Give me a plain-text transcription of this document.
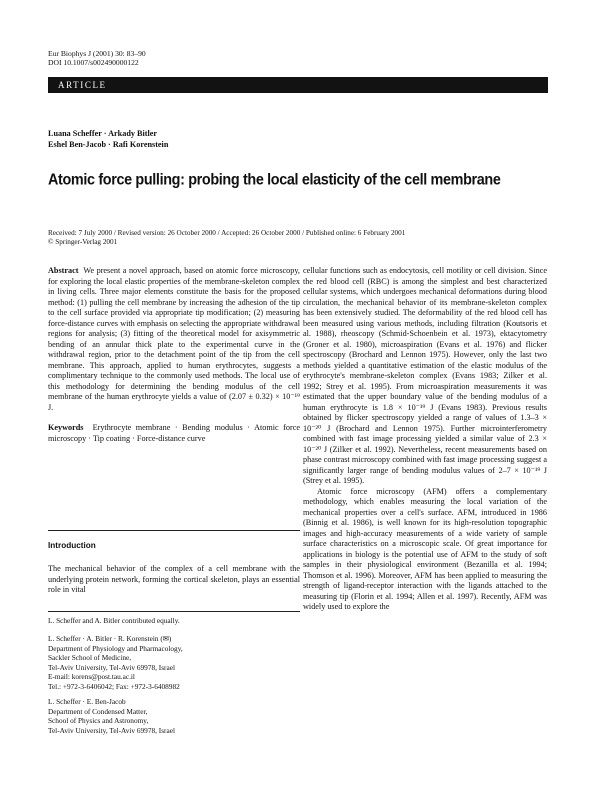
Eur Biophys J (2001) 30: 83–90
DOI 10.1007/s002490000122
ARTICLE
Luana Scheffer · Arkady Bitler
Eshel Ben-Jacob · Rafi Korenstein
Atomic force pulling: probing the local elasticity of the cell membrane
Received: 7 July 2000 / Revised version: 26 October 2000 / Accepted: 26 October 2000 / Published online: 6 February 2001
© Springer-Verlag 2001

Abstract We present a novel approach, based on atomic force microscopy, for exploring the local elastic properties of the membrane-skeleton complex in living cells. Three major elements constitute the basis for the proposed method: (1) pulling the cell membrane by increasing the adhesion of the tip to the cell surface provided via appropriate tip modification; (2) measuring force-distance curves with emphasis on selecting the appropriate withdrawal regions for analysis; (3) fitting of the theoretical model for axisymmetric bending of an annular thick plate to the experimental curve in the withdrawal region, prior to the detachment point of the tip from the cell membrane. This approach, applied to human erythrocytes, suggests a complimentary technique to the commonly used methods. The local use of this methodology for determining the bending modulus of the cell membrane of the human erythrocyte yields a value of (2.07 ± 0.32) × 10⁻¹⁹ J.

Keywords Erythrocyte membrane · Bending modulus · Atomic force microscopy · Tip coating · Force-distance curve

Introduction
The mechanical behavior of the complex of a cell membrane with the underlying protein network, forming the cortical skeleton, plays an essential role in vital
L. Scheffer and A. Bitler contributed equally.
L. Scheffer · A. Bitler · R. Korenstein (✉)
Department of Physiology and Pharmacology,
Sackler School of Medicine,
Tel-Aviv University, Tel-Aviv 69978, Israel
E-mail: korens@post.tau.ac.il
Tel.: +972-3-6406042; Fax: +972-3-6408982
L. Scheffer · E. Ben-Jacob
Department of Condensed Matter,
School of Physics and Astronomy,
Tel-Aviv University, Tel-Aviv 69978, Israel

cellular functions such as endocytosis, cell motility or cell division. Since the red blood cell (RBC) is among the simplest and best characterized cellular systems, which undergoes mechanical deformations during blood circulation, the mechanical behavior of its membrane-skeleton complex has been extensively studied. The deformability of the red blood cell has been measured using various methods, including filtration (Koutsoris et al. 1988), rheoscopy (Schmid-Schoenbein et al. 1973), ektacytometry (Groner et al. 1980), microaspiration (Evans et al. 1976) and flicker spectroscopy (Brochard and Lennon 1975). However, only the last two methods yielded a quantitative estimation of the elastic modulus of the erythrocyte's membrane-skeleton complex (Evans 1983; Zilker et al. 1992; Strey et al. 1995). From microaspiration measurements it was estimated that the upper boundary value of the bending modulus of a human erythrocyte is 1.8 × 10⁻¹⁹ J (Evans 1983). Previous results obtained by flicker spectroscopy yielded a range of values of 1.3–3 × 10⁻²⁰ J (Brochard and Lennon 1975). Further microinterferometry combined with fast image processing yielded a similar value of 2.3 × 10⁻²⁰ J (Zilker et al. 1992). Nevertheless, recent measurements based on phase contrast microscopy combined with fast image processing suggest a significantly larger range of bending modulus values of 2–7 × 10⁻¹⁹ J (Strey et al. 1995).

Atomic force microscopy (AFM) offers a complementary methodology, which enables measuring the local variation of the mechanical properties over a cell's surface. AFM, introduced in 1986 (Binnig et al. 1986), is well known for its high-resolution topographic images and high-accuracy measurements of a wide variety of sample surface characteristics on a microscopic scale. Of great importance for applications in biology is the potential use of AFM to the study of soft samples in their physiological environment (Bezanilla et al. 1994; Thomson et al. 1996). Moreover, AFM has been applied to measuring the strength of ligand-receptor interaction with the ligands attached to the measuring tip (Florin et al. 1994; Allen et al. 1997). Recently, AFM was widely used to explore the
